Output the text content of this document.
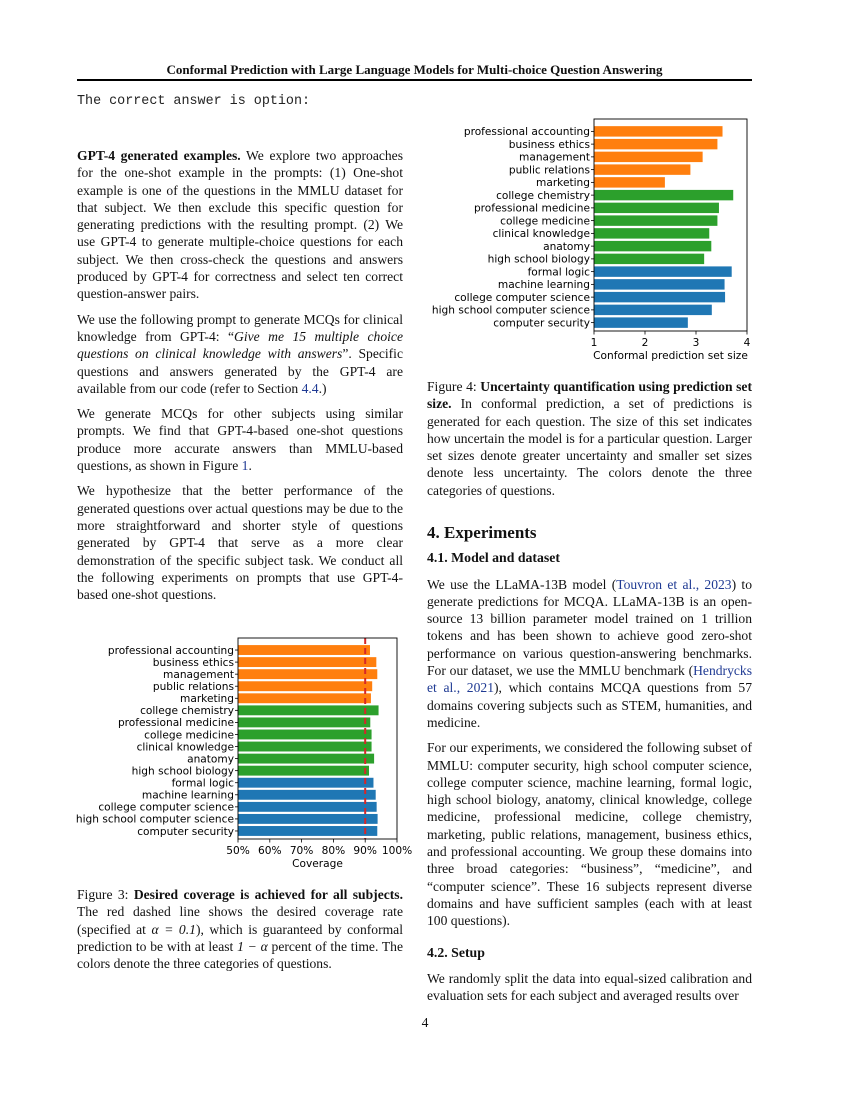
Conformal Prediction with Large Language Models for Multi-choice Question Answering
The correct answer is option:

GPT-4 generated examples. We explore two approaches for the one-shot example in the prompts: (1) One-shot example is one of the questions in the MMLU dataset for that subject. We then exclude this specific question for generating predictions with the resulting prompt. (2) We use GPT-4 to generate multiple-choice questions for each subject. We then cross-check the questions and answers produced by GPT-4 for correctness and select ten correct question-answer pairs.

We use the following prompt to generate MCQs for clinical knowledge from GPT-4: “Give me 15 multiple choice questions on clinical knowledge with answers”. Specific questions and answers generated by the GPT-4 are available from our code (refer to Section 4.4.)

We generate MCQs for other subjects using similar prompts. We find that GPT-4-based one-shot questions produce more accurate answers than MMLU-based questions, as shown in Figure 1.

We hypothesize that the better performance of the generated questions over actual questions may be due to the more straightforward and shorter style of questions generated by GPT-4 that serve as a more clear demonstration of the specific subject task. We conduct all the following experiments on prompts that use GPT-4-based one-shot questions.

professional accounting
business ethics
management
public relations
marketing
college chemistry
professional medicine
college medicine
clinical knowledge
anatomy
high school biology
formal logic
machine learning
college computer science
high school computer science
computer security
50% 60% 70% 80% 90% 100%
Coverage
Figure 3: Desired coverage is achieved for all subjects. The red dashed line shows the desired coverage rate (specified at α = 0.1), which is guaranteed by conformal prediction to be with at least 1 − α percent of the time. The colors denote the three categories of questions.
professional accounting
business ethics
management
public relations
marketing
college chemistry
professional medicine
college medicine
clinical knowledge
anatomy
high school biology
formal logic
machine learning
college computer science
high school computer science
computer security
1	2	3	4
Conformal prediction set size
Figure 4: Uncertainty quantification using prediction set size. In conformal prediction, a set of predictions is generated for each question. The size of this set indicates how uncertain the model is for a particular question. Larger set sizes denote greater uncertainty and smaller set sizes denote less uncertainty. The colors denote the three categories of questions.
4. Experiments
4.1. Model and dataset

We use the LLaMA-13B model (Touvron et al., 2023) to generate predictions for MCQA. LLaMA-13B is an open-source 13 billion parameter model trained on 1 trillion tokens and has been shown to achieve good zero-shot performance on various question-answering benchmarks. For our dataset, we use the MMLU benchmark (Hendrycks et al., 2021), which contains MCQA questions from 57 domains covering subjects such as STEM, humanities, and medicine.

For our experiments, we considered the following subset of MMLU: computer security, high school computer science, college computer science, machine learning, formal logic, high school biology, anatomy, clinical knowledge, college medicine, professional medicine, college chemistry, marketing, public relations, management, business ethics, and professional accounting. We group these domains into three broad categories: “business”, “medicine”, and “computer science”. These 16 subjects represent diverse domains and have sufficient samples (each with at least 100 questions).

4.2. Setup

We randomly split the data into equal-sized calibration and evaluation sets for each subject and averaged results over

4
